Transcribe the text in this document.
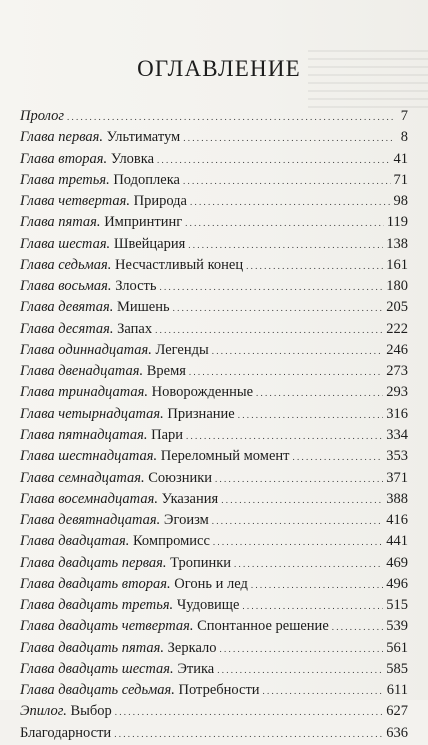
ОГЛАВЛЕНИЕ
Пролог . . .	7
Глава первая. Ультиматум . . .	8
Глава вторая. Уловка . . .	41
Глава третья. Подоплека . . .	71
Глава четвертая. Природа . . .	98
Глава пятая. Импринтинг . . .	119
Глава шестая. Швейцария . . .	138
Глава седьмая. Несчастливый конец . . .	161
Глава восьмая. Злость . . .	180
Глава девятая. Мишень . . .	205
Глава десятая. Запах . . .	222
Глава одиннадцатая. Легенды . . .	246
Глава двенадцатая. Время . . .	273
Глава тринадцатая. Новорожденные . . .	293
Глава четырнадцатая. Признание . . .	316
Глава пятнадцатая. Пари . . .	334
Глава шестнадцатая. Переломный момент . . .	353
Глава семнадцатая. Союзники . . .	371
Глава восемнадцатая. Указания . . .	388
Глава девятнадцатая. Эгоизм . . .	416
Глава двадцатая. Компромисс . . .	441
Глава двадцать первая. Тропинки . . .	469
Глава двадцать вторая. Огонь и лед . . .	496
Глава двадцать третья. Чудовище . . .	515
Глава двадцать четвертая. Спонтанное решение . . .	539
Глава двадцать пятая. Зеркало . . .	561
Глава двадцать шестая. Этика . . .	585
Глава двадцать седьмая. Потребности . . .	611
Эпилог. Выбор . . .	627
Благодарности . . .	636
